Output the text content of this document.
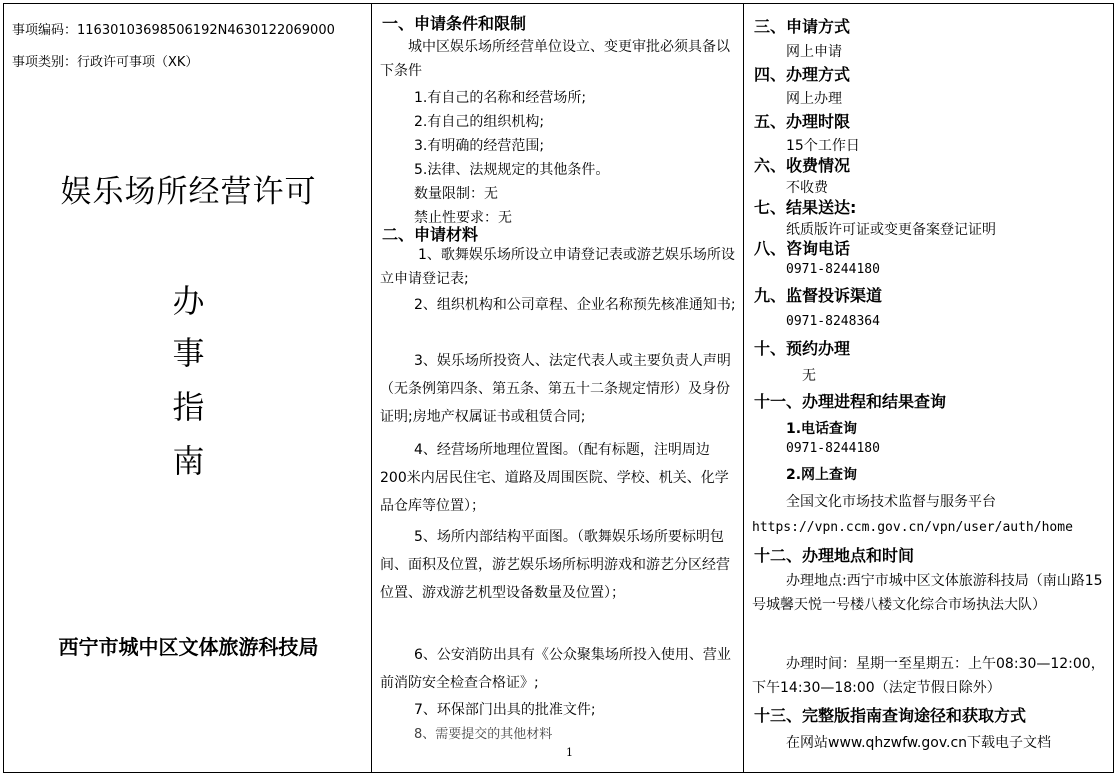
事项编码：11630103698506192N4630122069000
事项类别：行政许可事项（XK）
娱乐场所经营许可
办
事
指
南
西宁市城中区文体旅游科技局
一、申请条件和限制
城中区娱乐场所经营单位设立、变更审批必须具备以下条件
1.有自己的名称和经营场所;
2.有自己的组织机构;
3.有明确的经营范围;
5.法律、法规规定的其他条件。
数量限制：无
禁止性要求：无
二、申请材料
1、歌舞娱乐场所设立申请登记表或游艺娱乐场所设立申请登记表;
2、组织机构和公司章程、企业名称预先核准通知书;
3、娱乐场所投资人、法定代表人或主要负责人声明（无条例第四条、第五条、第五十二条规定情形）及身份证明;房地产权属证书或租赁合同;
4、经营场所地理位置图。（配有标题，注明周边200米内居民住宅、道路及周围医院、学校、机关、化学品仓库等位置）；
5、场所内部结构平面图。（歌舞娱乐场所要标明包间、面积及位置，游艺娱乐场所标明游戏和游艺分区经营位置、游戏游艺机型设备数量及位置）；
6、公安消防出具有《公众聚集场所投入使用、营业前消防安全检查合格证》;
7、环保部门出具的批准文件;
8、需要提交的其他材料
1
三、申请方式
网上申请
四、办理方式
网上办理
五、办理时限
15个工作日
六、收费情况
不收费
七、结果送达:
纸质版许可证或变更备案登记证明
八、咨询电话
0971-8244180
九、监督投诉渠道
0971-8248364
十、预约办理
无
十一、办理进程和结果查询
1.电话查询
0971-8244180
2.网上查询
全国文化市场技术监督与服务平台
https://vpn.ccm.gov.cn/vpn/user/auth/home
十二、办理地点和时间
办理地点:西宁市城中区文体旅游科技局（南山路15号城馨天悦一号楼八楼文化综合市场执法大队）
办理时间：星期一至星期五：上午08:30—12:00，下午14:30—18:00（法定节假日除外）
十三、完整版指南查询途径和获取方式
在网站www.qhzwfw.gov.cn下载电子文档
